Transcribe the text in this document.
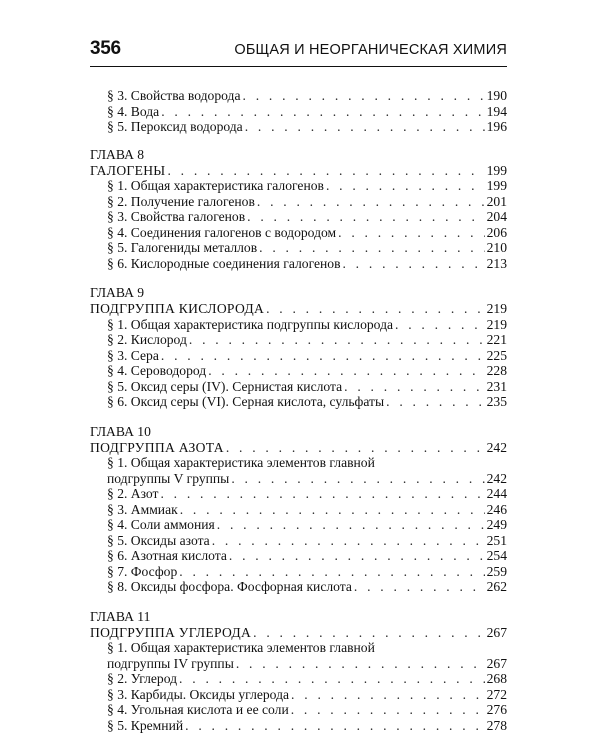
356	ОБЩАЯ И НЕОРГАНИЧЕСКАЯ ХИМИЯ
§ 3. Свойства водорода . . .	190
§ 4. Вода . . .	194
§ 5. Пероксид водорода . . .	196
ГЛАВА 8
ГАЛОГЕНЫ . . .	199
§ 1. Общая характеристика галогенов . . .	199
§ 2. Получение галогенов . . .	201
§ 3. Свойства галогенов . . .	204
§ 4. Соединения галогенов с водородом . . .	206
§ 5. Галогениды металлов . . .	210
§ 6. Кислородные соединения галогенов . . .	213
ГЛАВА 9
ПОДГРУППА КИСЛОРОДА . . .	219
§ 1. Общая характеристика подгруппы кислорода . . .	219
§ 2. Кислород . . .	221
§ 3. Сера . . .	225
§ 4. Сероводород . . .	228
§ 5. Оксид серы (IV). Сернистая кислота . . .	231
§ 6. Оксид серы (VI). Серная кислота, сульфаты . . .	235
ГЛАВА 10
ПОДГРУППА АЗОТА . . .	242
§ 1. Общая характеристика элементов главной
подгруппы V группы . . .	242
§ 2. Азот . . .	244
§ 3. Аммиак . . .	246
§ 4. Соли аммония . . .	249
§ 5. Оксиды азота . . .	251
§ 6. Азотная кислота . . .	254
§ 7. Фосфор . . .	259
§ 8. Оксиды фосфора. Фосфорная кислота . . .	262
ГЛАВА 11
ПОДГРУППА УГЛЕРОДА . . .	267
§ 1. Общая характеристика элементов главной
подгруппы IV группы . . .	267
§ 2. Углерод . . .	268
§ 3. Карбиды. Оксиды углерода . . .	272
§ 4. Угольная кислота и ее соли . . .	276
§ 5. Кремний . . .	278
